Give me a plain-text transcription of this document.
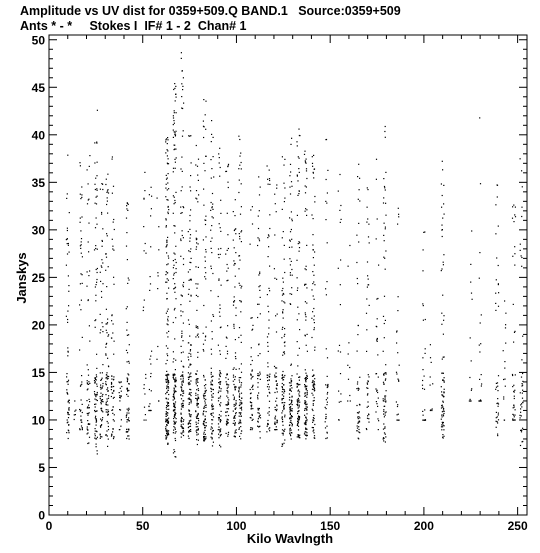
Amplitude vs UV dist for 0359+509.Q BAND.1   Source:0359+509
Ants * - *     Stokes I  IF# 1 - 2  Chan# 1
0	50	100	150	200	250
0
5
10
15
20
25
30
35
40
45
50
Kilo Wavlngth
Janskys
